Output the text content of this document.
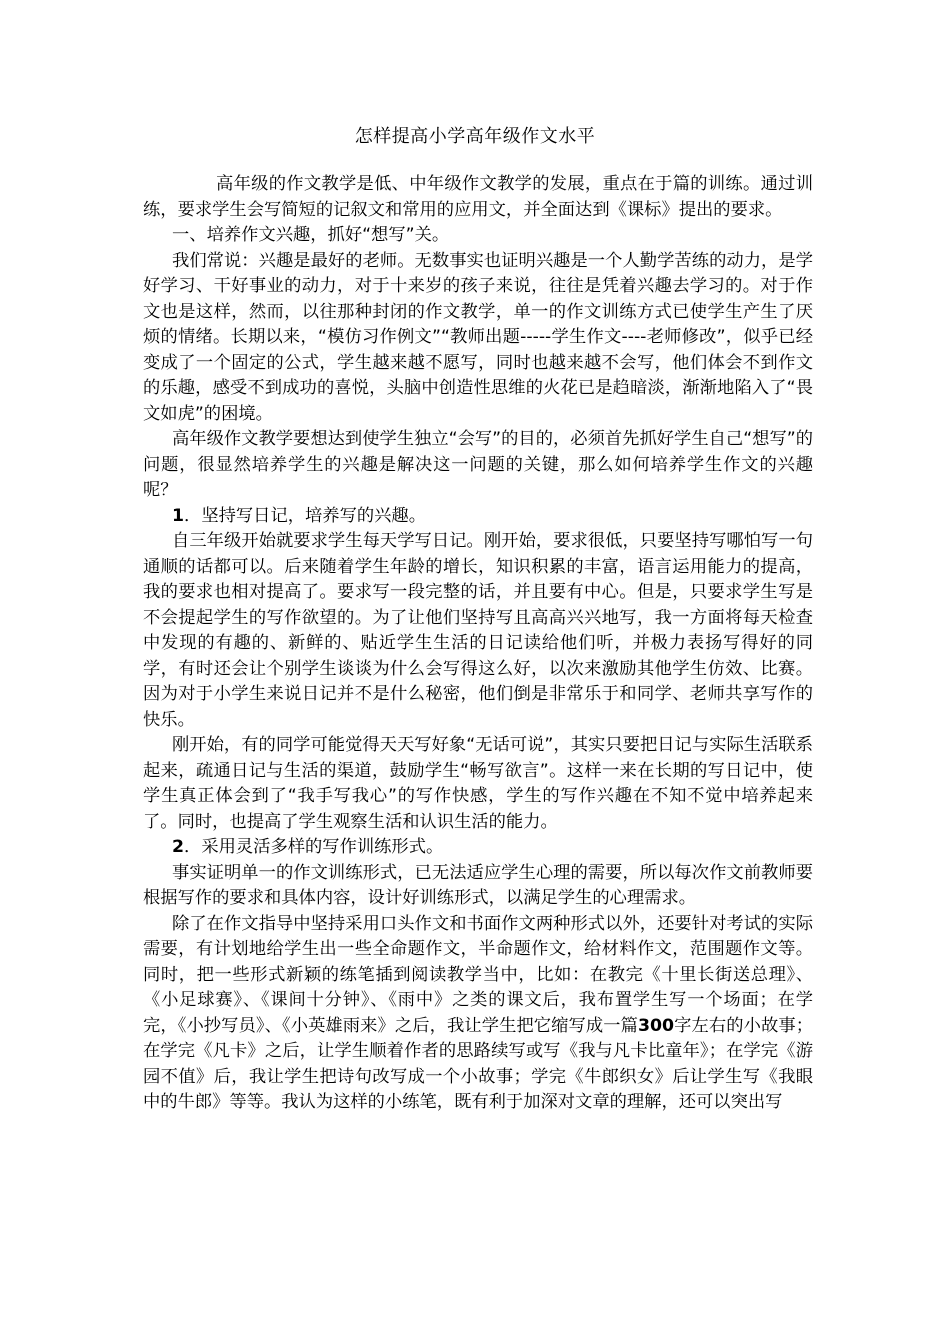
怎样提高小学高年级作文水平

高年级的作文教学是低、中年级作文教学的发展，重点在于篇的训练。通过训练，要求学生会写简短的记叙文和常用的应用文，并全面达到《课标》提出的要求。

一、培养作文兴趣，抓好“想写”关。

我们常说：兴趣是最好的老师。无数事实也证明兴趣是一个人勤学苦练的动力，是学好学习、干好事业的动力，对于十来岁的孩子来说，往往是凭着兴趣去学习的。对于作文也是这样，然而，以往那种封闭的作文教学，单一的作文训练方式已使学生产生了厌烦的情绪。长期以来，“模仿习作例文”“教师出题-----学生作文----老师修改”，似乎已经变成了一个固定的公式，学生越来越不愿写，同时也越来越不会写，他们体会不到作文的乐趣，感受不到成功的喜悦，头脑中创造性思维的火花已是趋暗淡，渐渐地陷入了“畏文如虎”的困境。

高年级作文教学要想达到使学生独立“会写”的目的，必须首先抓好学生自己“想写”的问题，很显然培养学生的兴趣是解决这一问题的关键，那么如何培养学生作文的兴趣呢？

1．坚持写日记，培养写的兴趣。

自三年级开始就要求学生每天学写日记。刚开始，要求很低，只要坚持写哪怕写一句通顺的话都可以。后来随着学生年龄的增长，知识积累的丰富，语言运用能力的提高，我的要求也相对提高了。要求写一段完整的话，并且要有中心。但是，只要求学生写是不会提起学生的写作欲望的。为了让他们坚持写且高高兴兴地写，我一方面将每天检查中发现的有趣的、新鲜的、贴近学生生活的日记读给他们听，并极力表扬写得好的同学，有时还会让个别学生谈谈为什么会写得这么好，以次来激励其他学生仿效、比赛。因为对于小学生来说日记并不是什么秘密，他们倒是非常乐于和同学、老师共享写作的快乐。

刚开始，有的同学可能觉得天天写好象“无话可说”，其实只要把日记与实际生活联系起来，疏通日记与生活的渠道，鼓励学生“畅写欲言”。这样一来在长期的写日记中，使学生真正体会到了“我手写我心”的写作快感，学生的写作兴趣在不知不觉中培养起来了。同时，也提高了学生观察生活和认识生活的能力。

2．采用灵活多样的写作训练形式。

事实证明单一的作文训练形式，已无法适应学生心理的需要，所以每次作文前教师要根据写作的要求和具体内容，设计好训练形式，以满足学生的心理需求。

除了在作文指导中坚持采用口头作文和书面作文两种形式以外，还要针对考试的实际需要，有计划地给学生出一些全命题作文，半命题作文，给材料作文，范围题作文等。同时，把一些形式新颖的练笔插到阅读教学当中，比如：在教完《十里长街送总理》、《小足球赛》、《课间十分钟》、《雨中》之类的课文后，我布置学生写一个场面；在学完，《小抄写员》、《小英雄雨来》之后，我让学生把它缩写成一篇300字左右的小故事；在学完《凡卡》之后，让学生顺着作者的思路续写或写《我与凡卡比童年》；在学完《游园不值》后，我让学生把诗句改写成一个小故事；学完《牛郎织女》后让学生写《我眼中的牛郎》等等。我认为这样的小练笔，既有利于加深对文章的理解，还可以突出写
